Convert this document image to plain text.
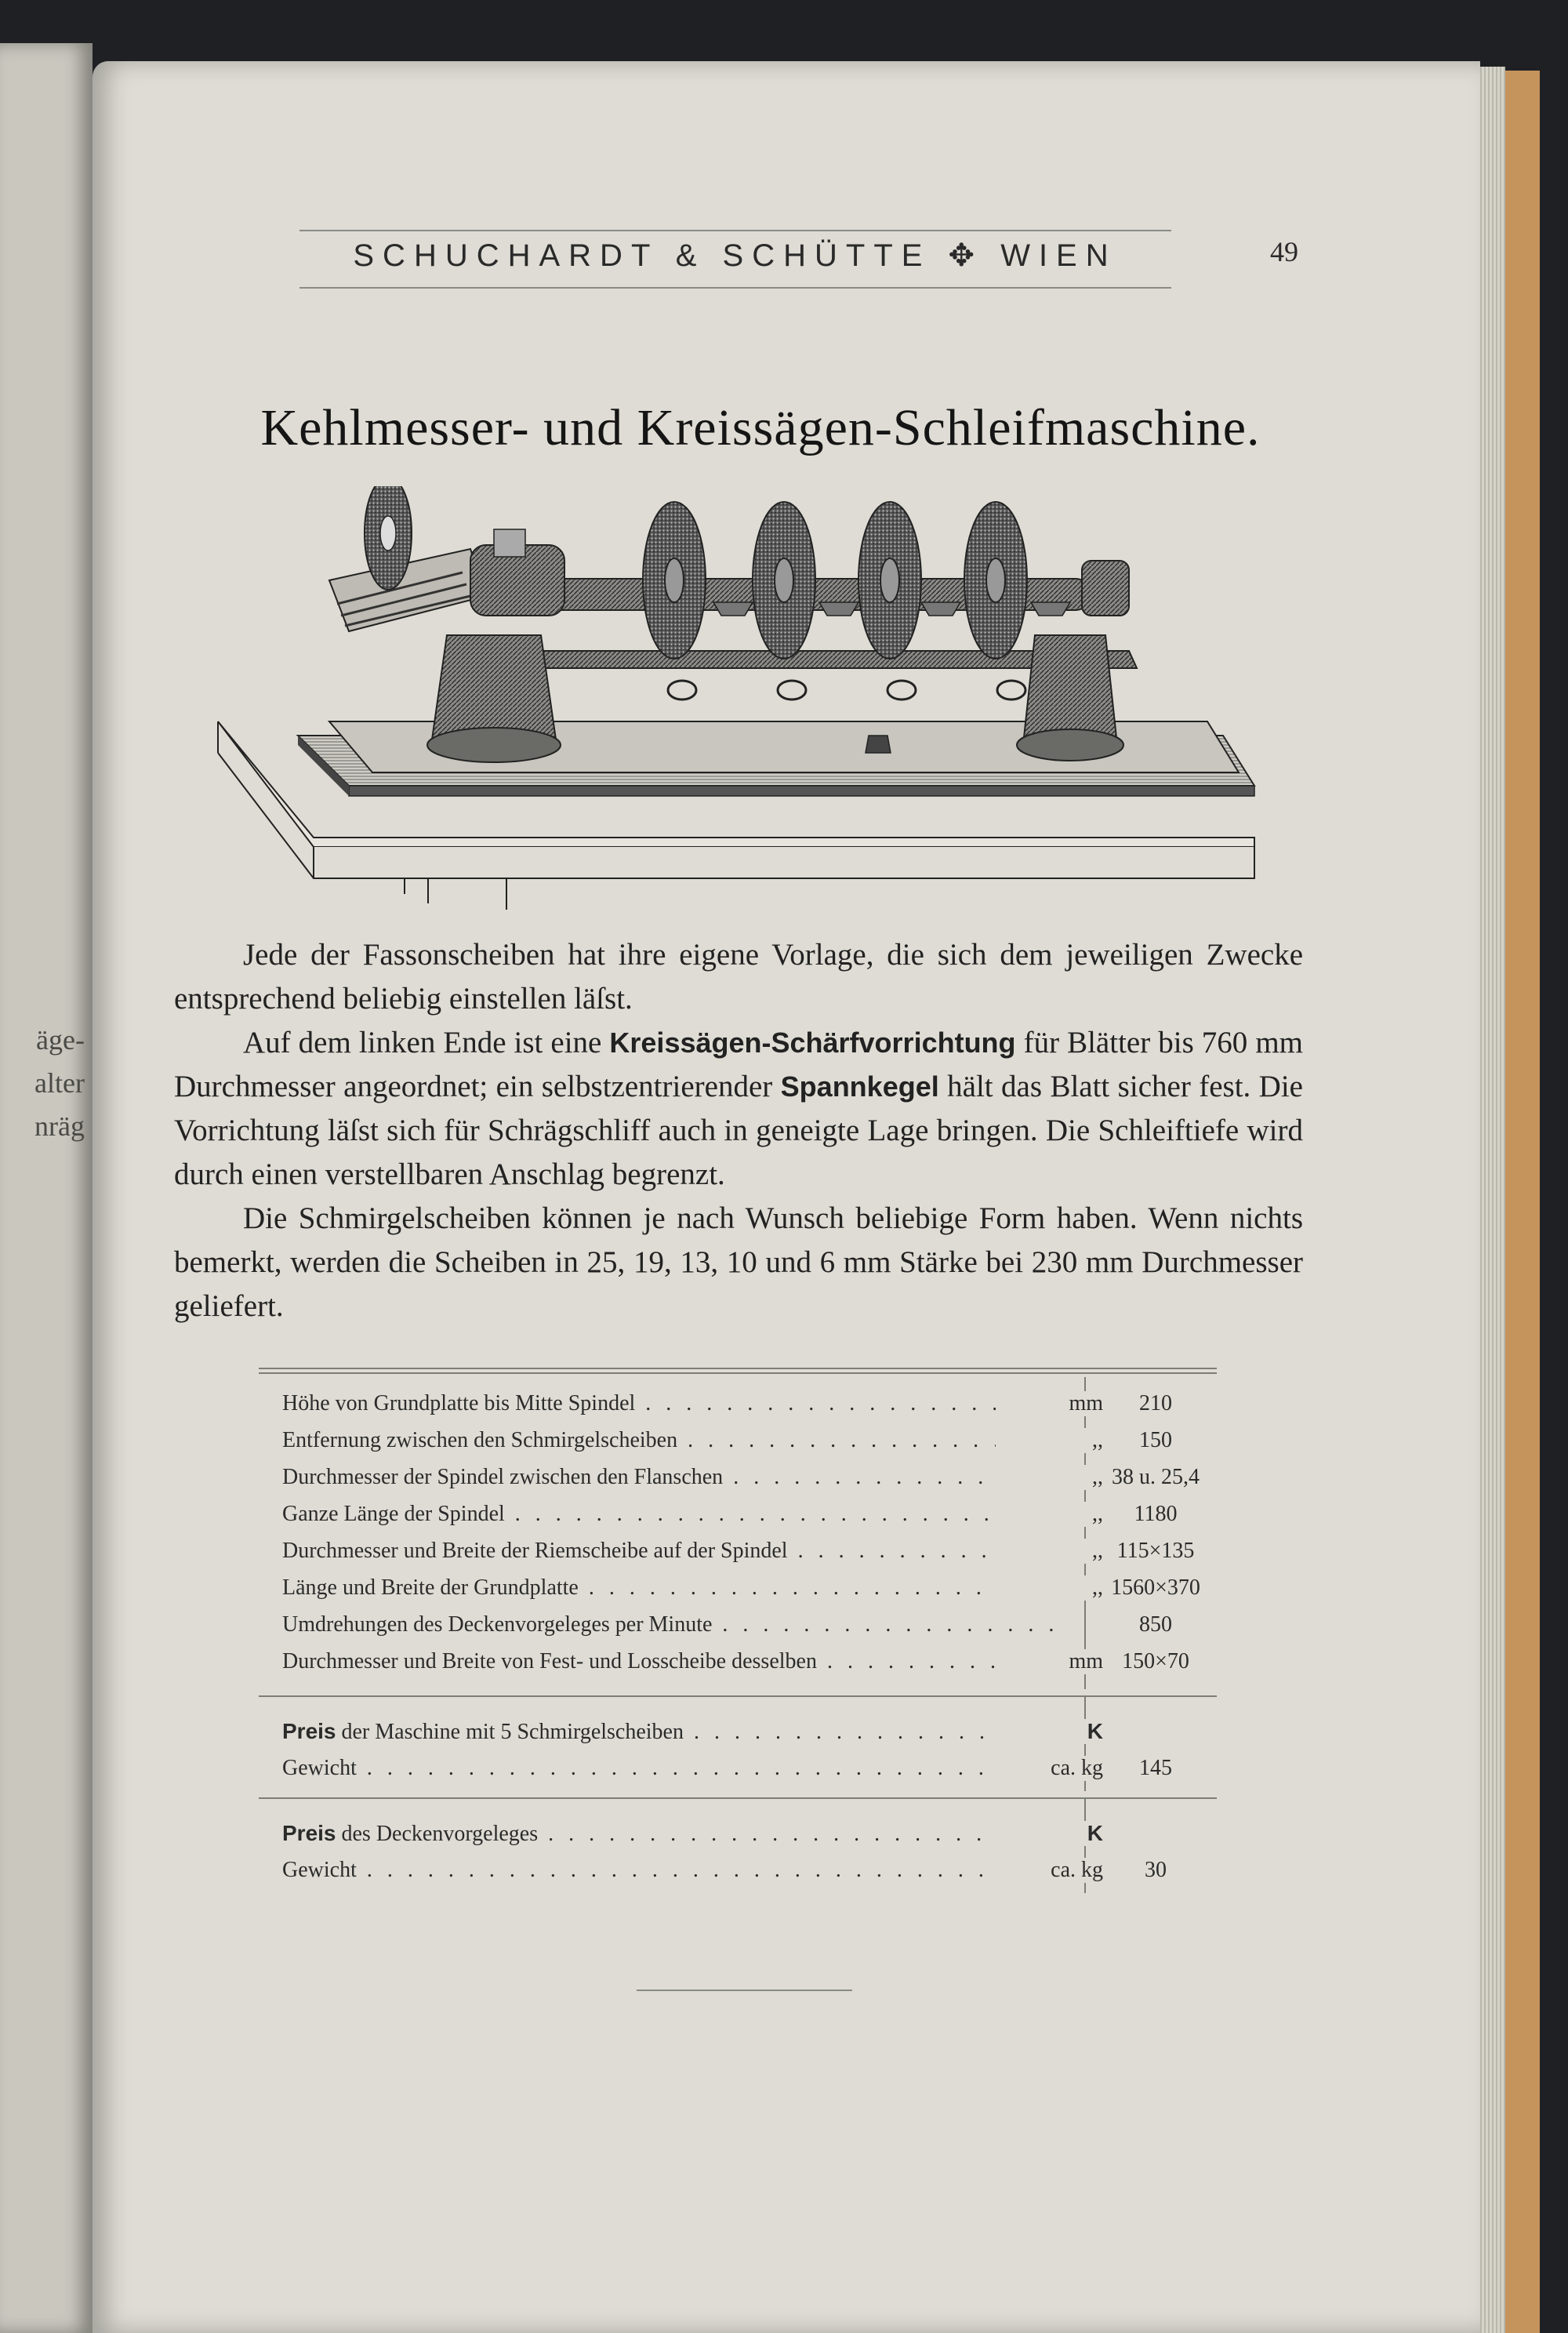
äge-
alter
nräg
SCHUCHARDT & SCHÜTTE ✥ WIEN	49
Kehlmesser- und Kreissägen-Schleifmaschine.

Jede der Fassonscheiben hat ihre eigene Vorlage, die sich dem jeweiligen Zwecke entsprechend beliebig einstellen läſst.

Auf dem linken Ende ist eine Kreissägen-Schärfvorrichtung für Blätter bis 760 mm Durchmesser angeordnet; ein selbstzentrierender Spannkegel hält das Blatt sicher fest. Die Vorrichtung läſst sich für Schrägschliff auch in geneigte Lage bringen. Die Schleiftiefe wird durch einen verstellbaren Anschlag begrenzt.

Die Schmirgelscheiben können je nach Wunsch beliebige Form haben. Wenn nichts bemerkt, werden die Scheiben in 25, 19, 13, 10 und 6 mm Stärke bei 230 mm Durchmesser geliefert.

Höhe von Grundplatte bis Mitte Spindel . . .	mm	210
Entfernung zwischen den Schmirgelscheiben . . .	,,	150
Durchmesser der Spindel zwischen den Flanschen . . .	,, 38 u. 25,4
Ganze Länge der Spindel . . .	,,	1180
Durchmesser und Breite der Riemscheibe auf der Spindel . . .	,, 115×135
Länge und Breite der Grundplatte . . .	,, 1560×370
Umdrehungen des Deckenvorgeleges per Minute . . .	850
Durchmesser und Breite von Fest- und Losscheibe desselben . . .	mm 150×70
Preis der Maschine mit 5 Schmirgelscheiben . . .	K
Gewicht . . .	ca. kg	145
Preis des Deckenvorgeleges . . .	K
Gewicht . . .	ca. kg	30
